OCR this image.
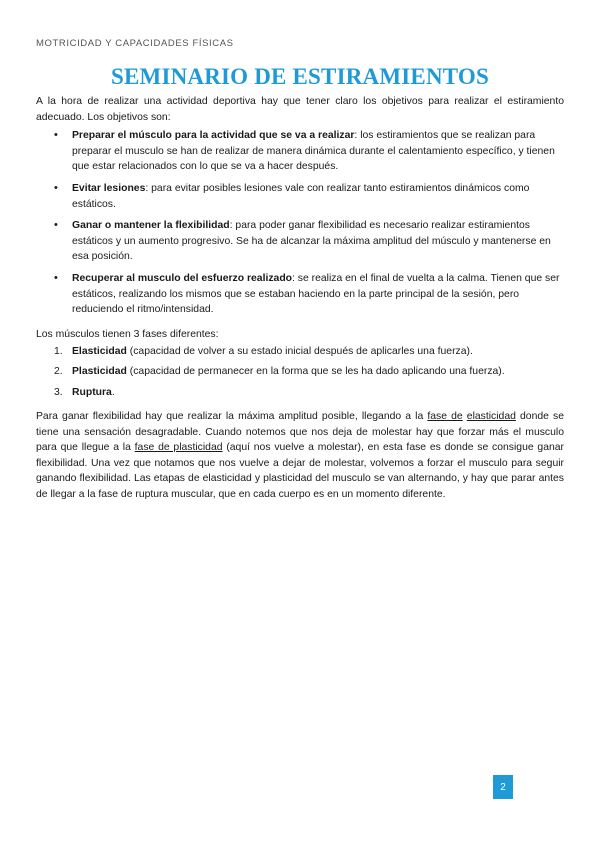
MOTRICIDAD Y CAPACIDADES FÍSICAS
SEMINARIO DE ESTIRAMIENTOS

A la hora de realizar una actividad deportiva hay que tener claro los objetivos para realizar el estiramiento adecuado. Los objetivos son:

• Preparar el músculo para la actividad que se va a realizar: los estiramientos que se realizan para preparar el musculo se han de realizar de manera dinámica durante el calentamiento específico, y tienen que estar relacionados con lo que se va a hacer después.
• Evitar lesiones: para evitar posibles lesiones vale con realizar tanto estiramientos dinámicos como estáticos.
• Ganar o mantener la flexibilidad: para poder ganar flexibilidad es necesario realizar estiramientos estáticos y un aumento progresivo. Se ha de alcanzar la máxima amplitud del músculo y mantenerse en esa posición.
• Recuperar al musculo del esfuerzo realizado: se realiza en el final de vuelta a la calma. Tienen que ser estáticos, realizando los mismos que se estaban haciendo en la parte principal de la sesión, pero reduciendo el ritmo/intensidad.

Los músculos tienen 3 fases diferentes:

1. Elasticidad (capacidad de volver a su estado inicial después de aplicarles una fuerza).
2. Plasticidad (capacidad de permanecer en la forma que se les ha dado aplicando una fuerza).
3. Ruptura.

Para ganar flexibilidad hay que realizar la máxima amplitud posible, llegando a la fase de elasticidad donde se tiene una sensación desagradable. Cuando notemos que nos deja de molestar hay que forzar más el musculo para que llegue a la fase de plasticidad (aquí nos vuelve a molestar), en esta fase es donde se consigue ganar flexibilidad. Una vez que notamos que nos vuelve a dejar de molestar, volvemos a forzar el musculo para seguir ganando flexibilidad. Las etapas de elasticidad y plasticidad del musculo se van alternando, y hay que parar antes de llegar a la fase de ruptura muscular, que en cada cuerpo es en un momento diferente.

2
